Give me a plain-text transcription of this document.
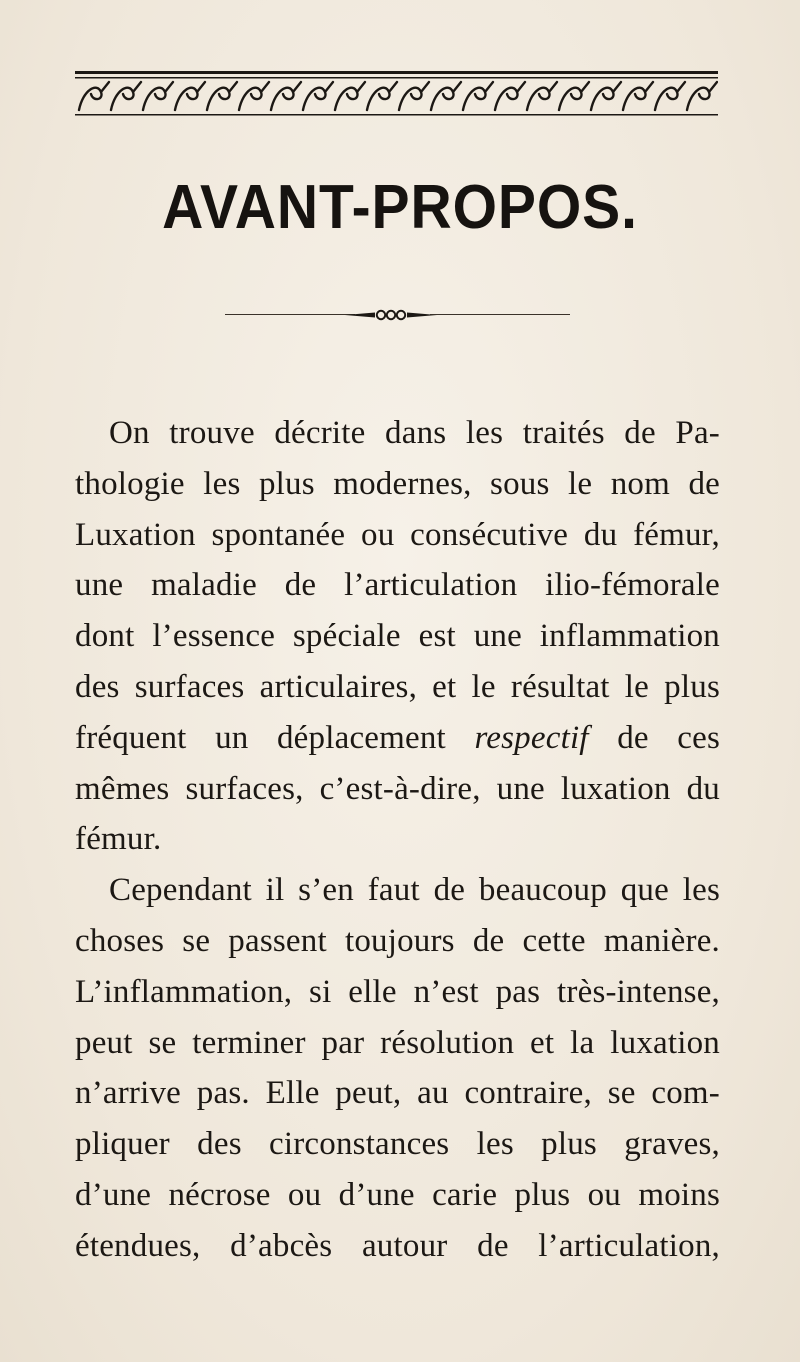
AVANT-PROPOS.
On trouve décrite dans les traités de Pa-
thologie les plus modernes, sous le nom de
Luxation spontanée ou consécutive du fémur,
une maladie de l’articulation ilio-fémorale
dont l’essence spéciale est une inflammation
des surfaces articulaires, et le résultat le plus
fréquent un déplacement respectif de ces
mêmes surfaces, c’est-à-dire, une luxation du
fémur.
Cependant il s’en faut de beaucoup que les
choses se passent toujours de cette manière.
L’inflammation, si elle n’est pas très-intense,
peut se terminer par résolution et la luxation
n’arrive pas. Elle peut, au contraire, se com-
pliquer des circonstances les plus graves,
d’une nécrose ou d’une carie plus ou moins
étendues, d’abcès autour de l’articulation,
